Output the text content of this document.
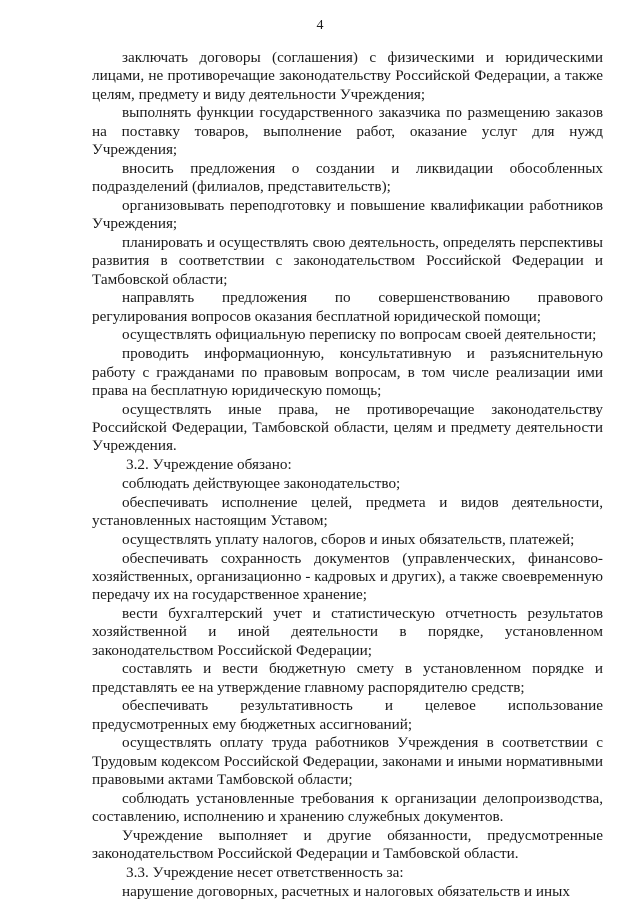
4

заключать договоры (соглашения) с физическими и юридическими лицами, не противоречащие законодательству Российской Федерации, а также целям, предмету и виду деятельности Учреждения;

выполнять функции государственного заказчика по размещению заказов на поставку товаров, выполнение работ, оказание услуг для нужд Учреждения;

вносить предложения о создании и ликвидации обособленных подразделений (филиалов, представительств);

организовывать переподготовку и повышение квалификации работников Учреждения;

планировать и осуществлять свою деятельность, определять перспективы развития в соответствии с законодательством Российской Федерации и Тамбовской области;

направлять предложения по совершенствованию правового регулирования вопросов оказания бесплатной юридической помощи;

осуществлять официальную переписку по вопросам своей деятельности;

проводить информационную, консультативную и разъяснительную работу с гражданами по правовым вопросам, в том числе реализации ими права на бесплатную юридическую помощь;

осуществлять иные права, не противоречащие законодательству Российской Федерации, Тамбовской области, целям и предмету деятельности Учреждения.

3.2. Учреждение обязано:

соблюдать действующее законодательство;

обеспечивать исполнение целей, предмета и видов деятельности, установленных настоящим Уставом;

осуществлять уплату налогов, сборов и иных обязательств, платежей;

обеспечивать сохранность документов (управленческих, финансово-хозяйственных, организационно - кадровых и других), а также своевременную передачу их на государственное хранение;

вести бухгалтерский учет и статистическую отчетность результатов хозяйственной и иной деятельности в порядке, установленном законодательством Российской Федерации;

составлять и вести бюджетную смету в установленном порядке и представлять ее на утверждение главному распорядителю средств;

обеспечивать результативность и целевое использование предусмотренных ему бюджетных ассигнований;

осуществлять оплату труда работников Учреждения в соответствии с Трудовым кодексом Российской Федерации, законами и иными нормативными правовыми актами Тамбовской области;

соблюдать установленные требования к организации делопроизводства, составлению, исполнению и хранению служебных документов.

Учреждение выполняет и другие обязанности, предусмотренные законодательством Российской Федерации и Тамбовской области.

3.3. Учреждение несет ответственность за:

нарушение договорных, расчетных и налоговых обязательств и иных
